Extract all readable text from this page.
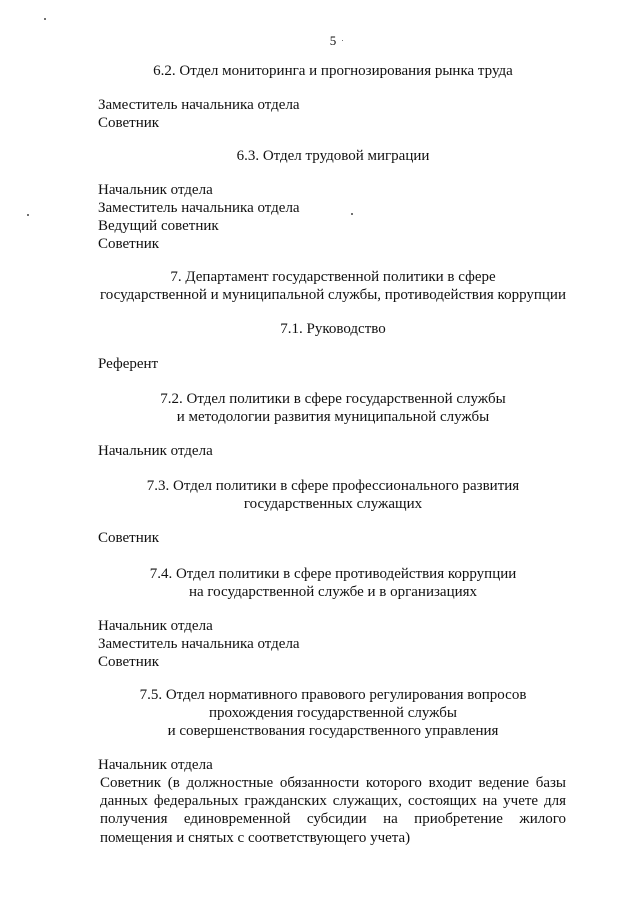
5
6.2. Отдел мониторинга и прогнозирования рынка труда
Заместитель начальника отдела
Советник
6.3. Отдел трудовой миграции
Начальник отдела
Заместитель начальника отдела
Ведущий советник
Советник
7. Департамент государственной политики в сфере
государственной и муниципальной службы, противодействия коррупции
7.1. Руководство
Референт
7.2. Отдел политики в сфере государственной службы
и методологии развития муниципальной службы
Начальник отдела
7.3. Отдел политики в сфере профессионального развития
государственных служащих
Советник
7.4. Отдел политики в сфере противодействия коррупции
на государственной службе и в организациях
Начальник отдела
Заместитель начальника отдела
Советник
7.5. Отдел нормативного правового регулирования вопросов
прохождения государственной службы
и совершенствования государственного управления
Начальник отдела
Советник (в должностные обязанности которого входит ведение базы данных федеральных гражданских служащих, состоящих на учете для получения единовременной субсидии на приобретение жилого помещения и снятых с соответствующего учета)
